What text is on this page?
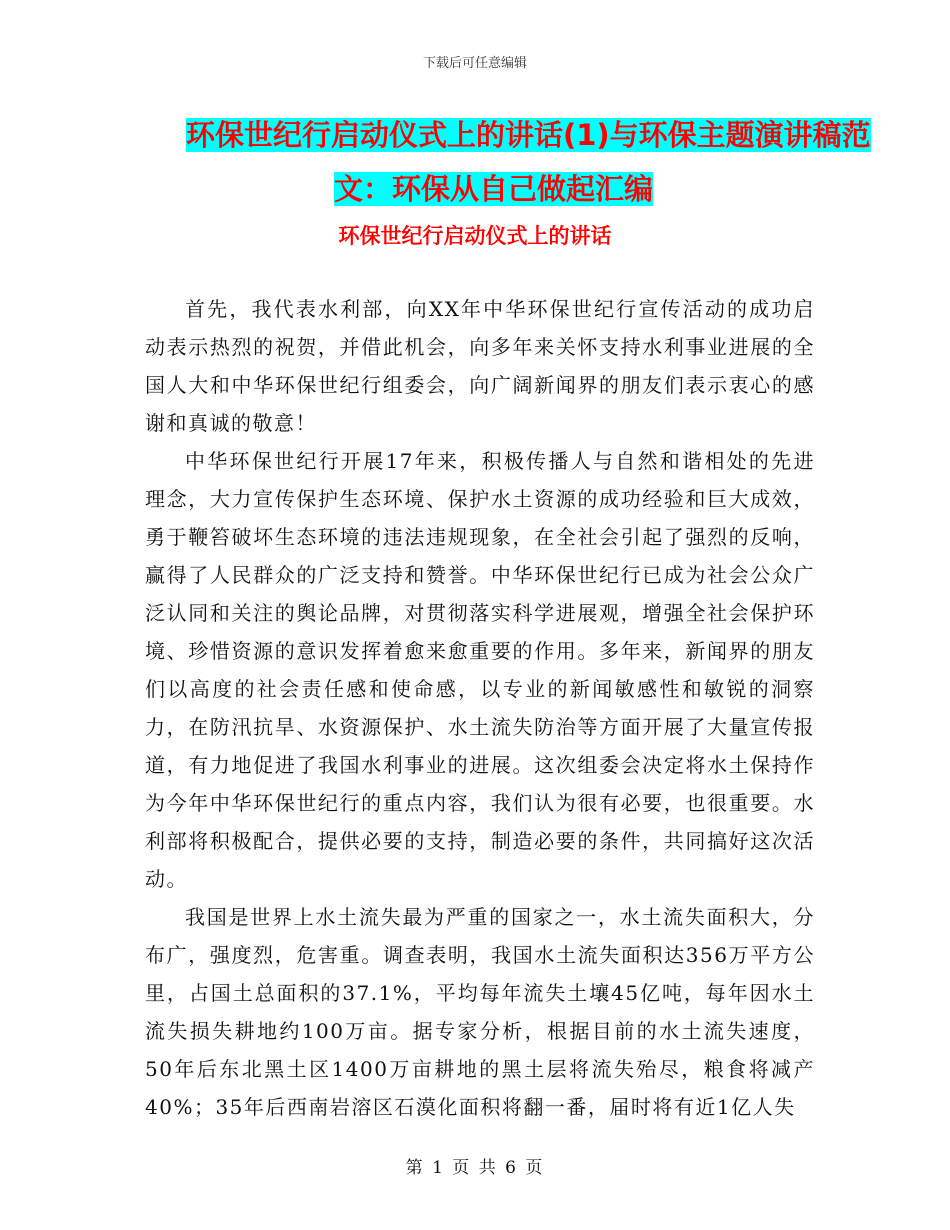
下载后可任意编辑
环保世纪行启动仪式上的讲话(1)与环保主题演讲稿范
文：环保从自己做起汇编
环保世纪行启动仪式上的讲话

首先，我代表水利部，向XX年中华环保世纪行宣传活动的成功启动表示热烈的祝贺，并借此机会，向多年来关怀支持水利事业进展的全国人大和中华环保世纪行组委会，向广阔新闻界的朋友们表示衷心的感谢和真诚的敬意！

中华环保世纪行开展17年来，积极传播人与自然和谐相处的先进理念，大力宣传保护生态环境、保护水土资源的成功经验和巨大成效，勇于鞭笞破坏生态环境的违法违规现象，在全社会引起了强烈的反响，赢得了人民群众的广泛支持和赞誉。中华环保世纪行已成为社会公众广泛认同和关注的舆论品牌，对贯彻落实科学进展观，增强全社会保护环境、珍惜资源的意识发挥着愈来愈重要的作用。多年来，新闻界的朋友们以高度的社会责任感和使命感，以专业的新闻敏感性和敏锐的洞察力，在防汛抗旱、水资源保护、水土流失防治等方面开展了大量宣传报道，有力地促进了我国水利事业的进展。这次组委会决定将水土保持作为今年中华环保世纪行的重点内容，我们认为很有必要，也很重要。水利部将积极配合，提供必要的支持，制造必要的条件，共同搞好这次活动。

我国是世界上水土流失最为严重的国家之一，水土流失面积大，分布广，强度烈，危害重。调查表明，我国水土流失面积达356万平方公里，占国土总面积的37.1%，平均每年流失土壤45亿吨，每年因水土流失损失耕地约100万亩。据专家分析，根据目前的水土流失速度，50年后东北黑土区1400万亩耕地的黑土层将流失殆尽，粮食将减产40%；35年后西南岩溶区石漠化面积将翻一番，届时将有近1亿人失

第 1 页 共 6 页
